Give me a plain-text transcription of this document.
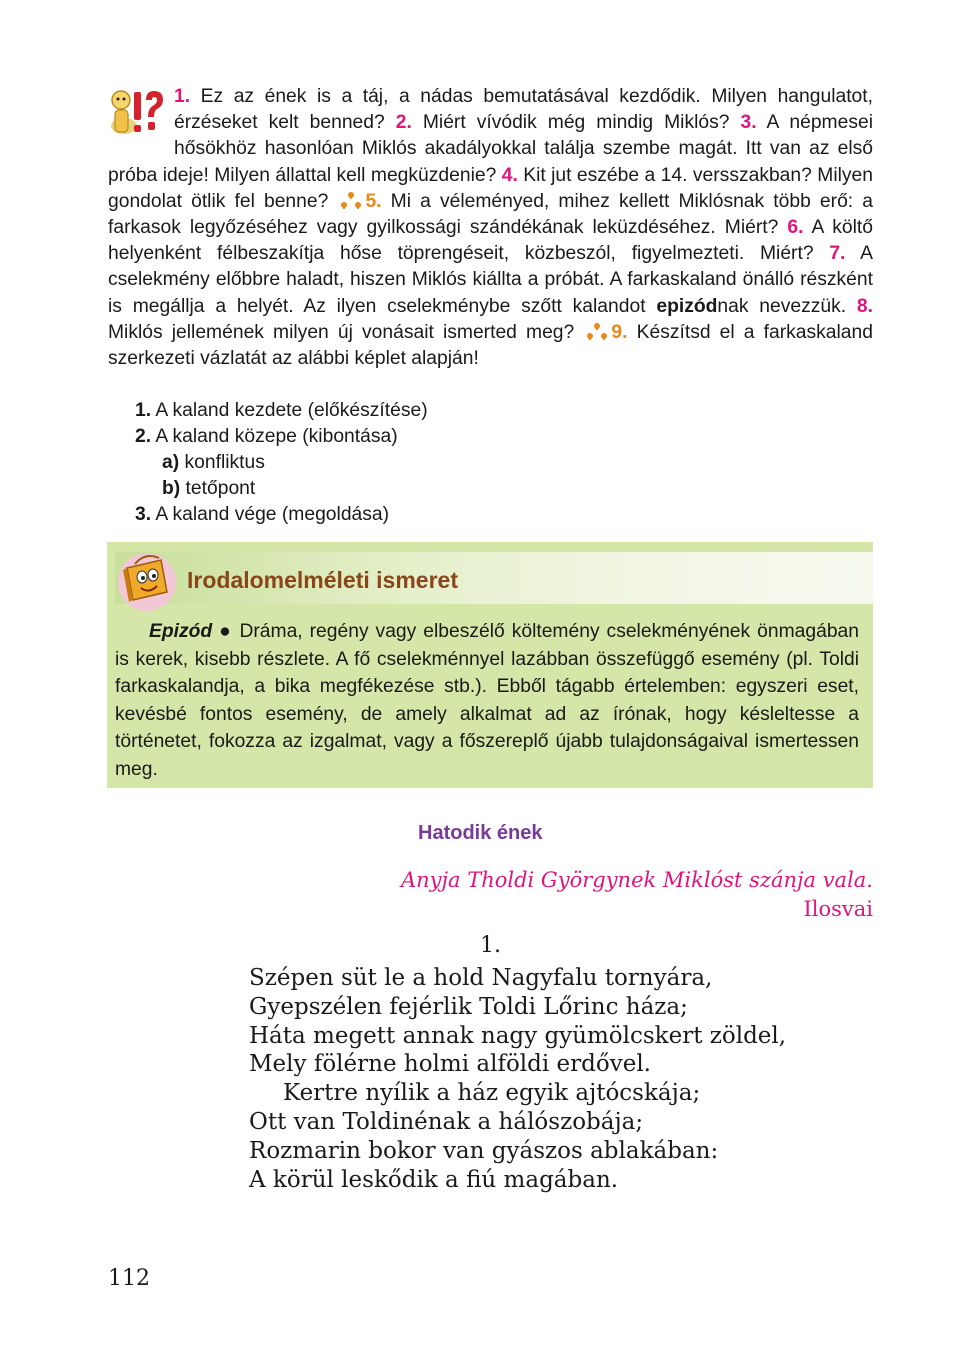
1. Ez az ének is a táj, a nádas bemutatásával kezdődik. Milyen hangulatot, érzéseket kelt benned? 2. Miért vívódik még mindig Miklós? 3. A népmesei hősökhöz hasonlóan Miklós akadályokkal találja szembe magát. Itt van az első próba ideje! Milyen állattal kell megküzdenie? 4. Kit jut eszébe a 14. versszakban? Milyen gondolat ötlik fel benne? 5. Mi a véleményed, mihez kellett Miklósnak több erő: a farkasok legyőzéséhez vagy gyilkossági szándékának leküzdéséhez. Miért? 6. A költő helyenként félbeszakítja hőse töprengéseit, közbeszól, figyelmezteti. Miért? 7. A cselekmény előbbre haladt, hiszen Miklós kiállta a próbát. A farkaskaland önálló részként is megállja a helyét. Az ilyen cselekménybe szőtt kalandot epizódnak nevezzük. 8. Miklós jellemének milyen új vonásait ismerted meg? 9. Készítsd el a farkaskaland szerkezeti vázlatát az alábbi képlet alapján!
1. A kaland kezdete (előkészítése)
2. A kaland közepe (kibontása)
a) konfliktus
b) tetőpont
3. A kaland vége (megoldása)
Irodalomelméleti ismeret
Epizód ● Dráma, regény vagy elbeszélő költemény cselekményének önmagában is kerek, kisebb részlete. A fő cselekménnyel lazábban összefüggő esemény (pl. Toldi farkaskalandja, a bika megfékezése stb.). Ebből tágabb értelemben: egyszeri eset, kevésbé fontos esemény, de amely alkalmat ad az írónak, hogy késleltesse a történetet, fokozza az izgalmat, vagy a főszereplő újabb tulajdonságaival ismertessen meg.
Hatodik ének
Anyja Tholdi Györgynek Miklóst szánja vala.
Ilosvai
1.
Szépen süt le a hold Nagyfalu tornyára,
Gyepszélen fejérlik Toldi Lőrinc háza;
Háta megett annak nagy gyümölcskert zöldel,
Mely fölérne holmi alföldi erdővel.
Kertre nyílik a ház egyik ajtócskája;
Ott van Toldinénak a hálószobája;
Rozmarin bokor van gyászos ablakában:
A körül leskődik a fiú magában.
112
